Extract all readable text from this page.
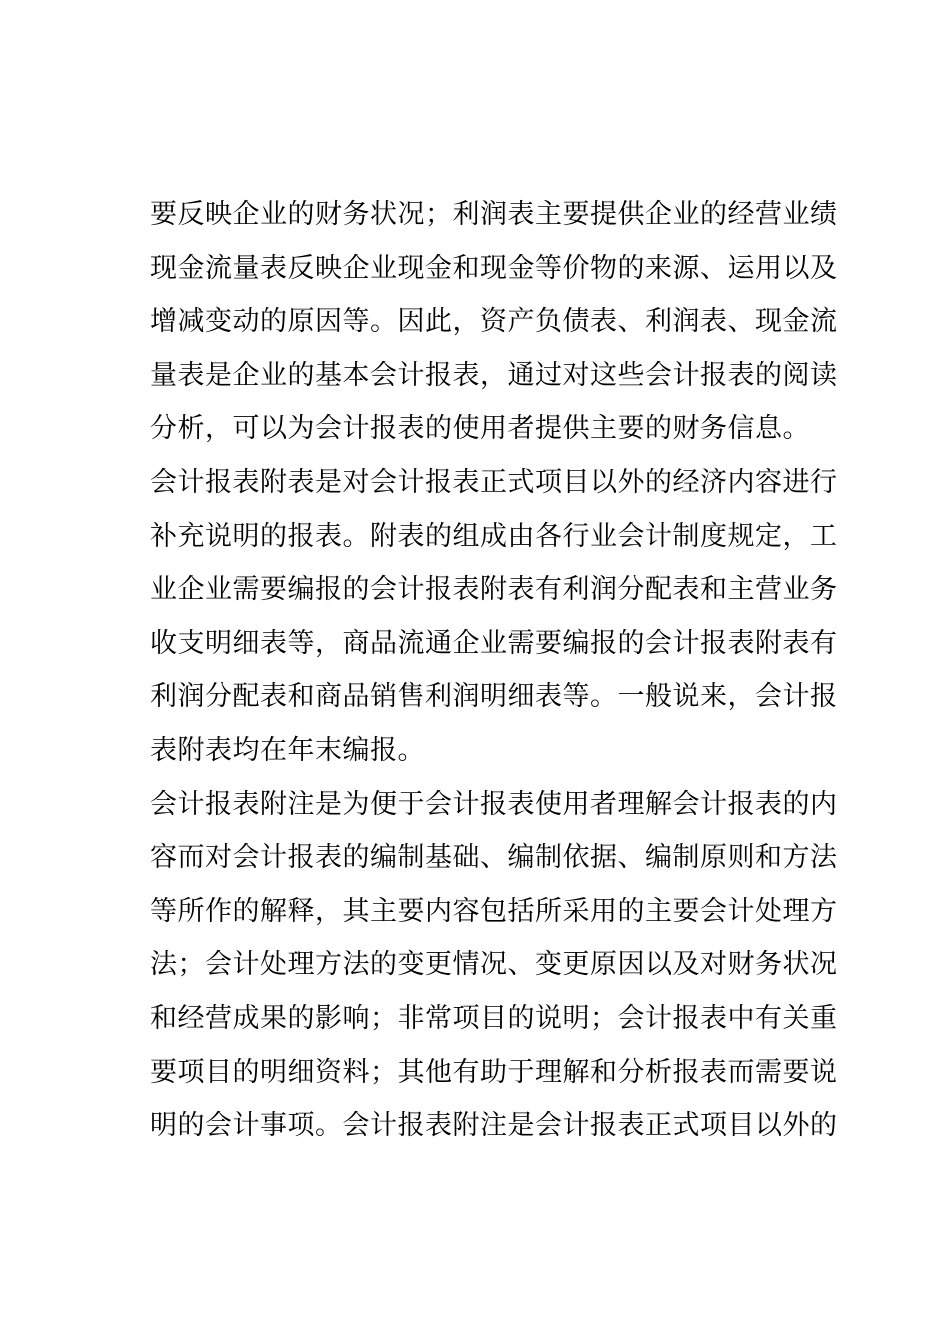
要反映企业的财务状况；利润表主要提供企业的经营业绩
现金流量表反映企业现金和现金等价物的来源、运用以及
增减变动的原因等。因此，资产负债表、利润表、现金流
量表是企业的基本会计报表，通过对这些会计报表的阅读
分析，可以为会计报表的使用者提供主要的财务信息。
会计报表附表是对会计报表正式项目以外的经济内容进行
补充说明的报表。附表的组成由各行业会计制度规定，工
业企业需要编报的会计报表附表有利润分配表和主营业务
收支明细表等，商品流通企业需要编报的会计报表附表有
利润分配表和商品销售利润明细表等。一般说来，会计报
表附表均在年末编报。
会计报表附注是为便于会计报表使用者理解会计报表的内
容而对会计报表的编制基础、编制依据、编制原则和方法
等所作的解释，其主要内容包括所采用的主要会计处理方
法；会计处理方法的变更情况、变更原因以及对财务状况
和经营成果的影响；非常项目的说明；会计报表中有关重
要项目的明细资料；其他有助于理解和分析报表而需要说
明的会计事项。会计报表附注是会计报表正式项目以外的
